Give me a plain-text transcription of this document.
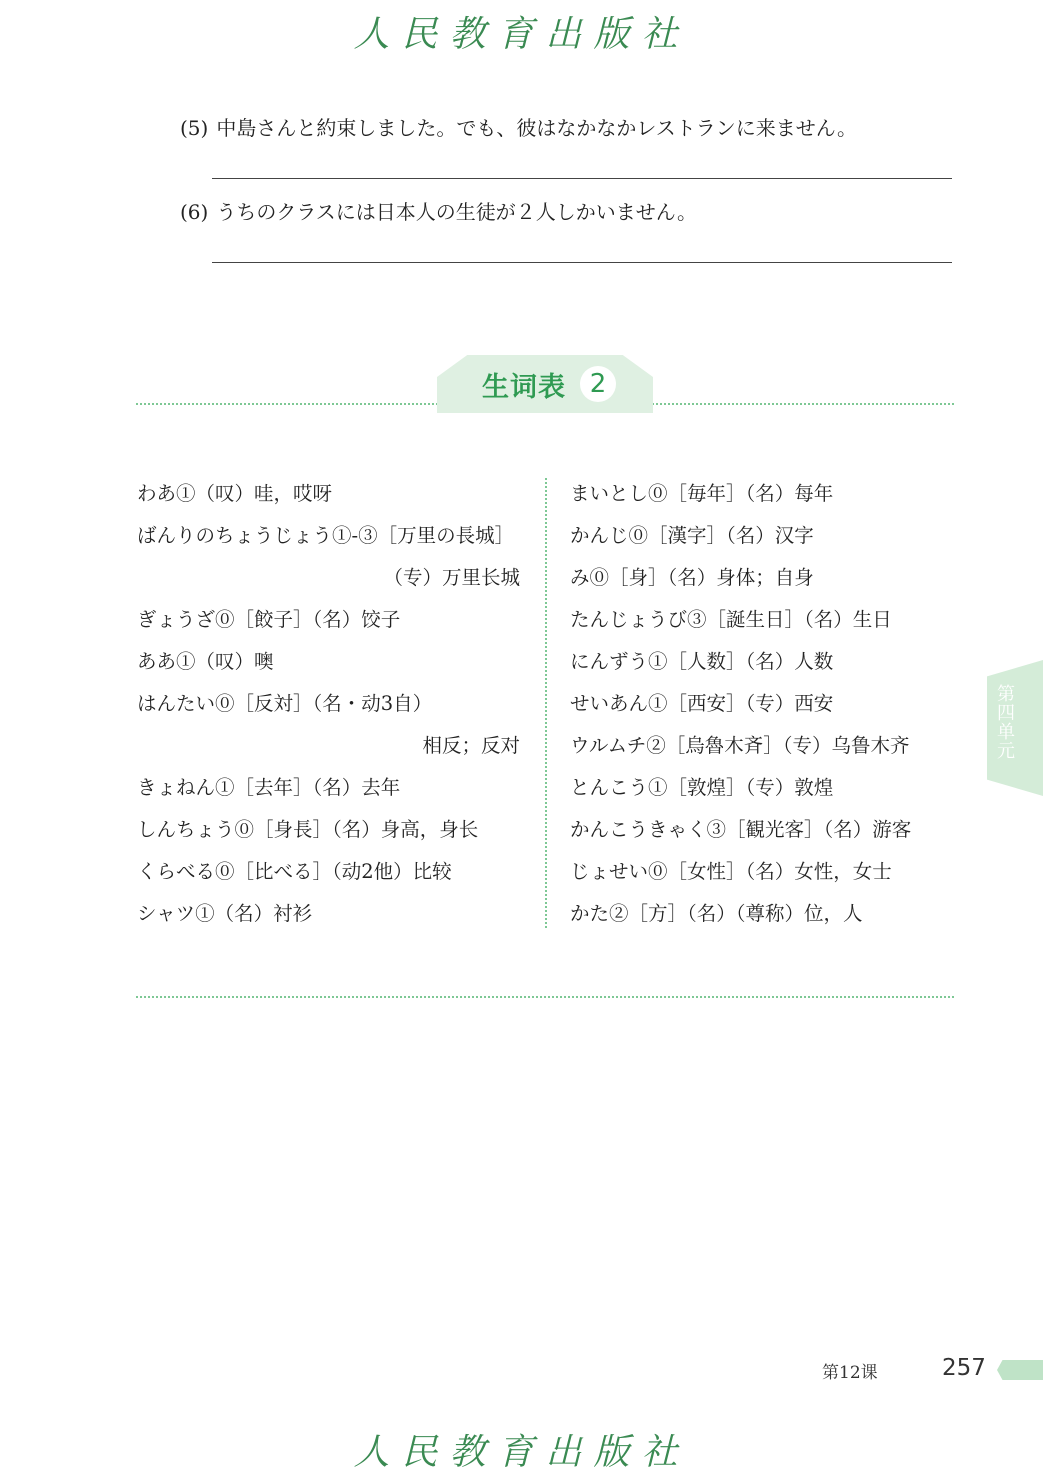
人民教育出版社
人民教育出版社
(5) 中島さんと約束しました。でも、彼はなかなかレストランに来ません。
(6) うちのクラスには日本人の生徒が２人しかいません。
生词表 2
わあ①（叹）哇，哎呀
ばんりのちょうじょう①-③［万里の長城］
（专）万里长城
ぎょうざ⓪［餃子］（名）饺子
ああ①（叹）噢
はんたい⓪［反対］（名・动3自）
相反；反对
きょねん①［去年］（名）去年
しんちょう⓪［身長］（名）身高，身长
くらべる⓪［比べる］（动2他）比较
シャツ①（名）衬衫
まいとし⓪［毎年］（名）每年
かんじ⓪［漢字］（名）汉字
み⓪［身］（名）身体；自身
たんじょうび③［誕生日］（名）生日
にんずう①［人数］（名）人数
せいあん①［西安］（专）西安
ウルムチ②［烏魯木斉］（专）乌鲁木齐
とんこう①［敦煌］（专）敦煌
かんこうきゃく③［観光客］（名）游客
じょせい⓪［女性］（名）女性，女士
かた②［方］（名）（尊称）位，人
第四单元
第12课	257
